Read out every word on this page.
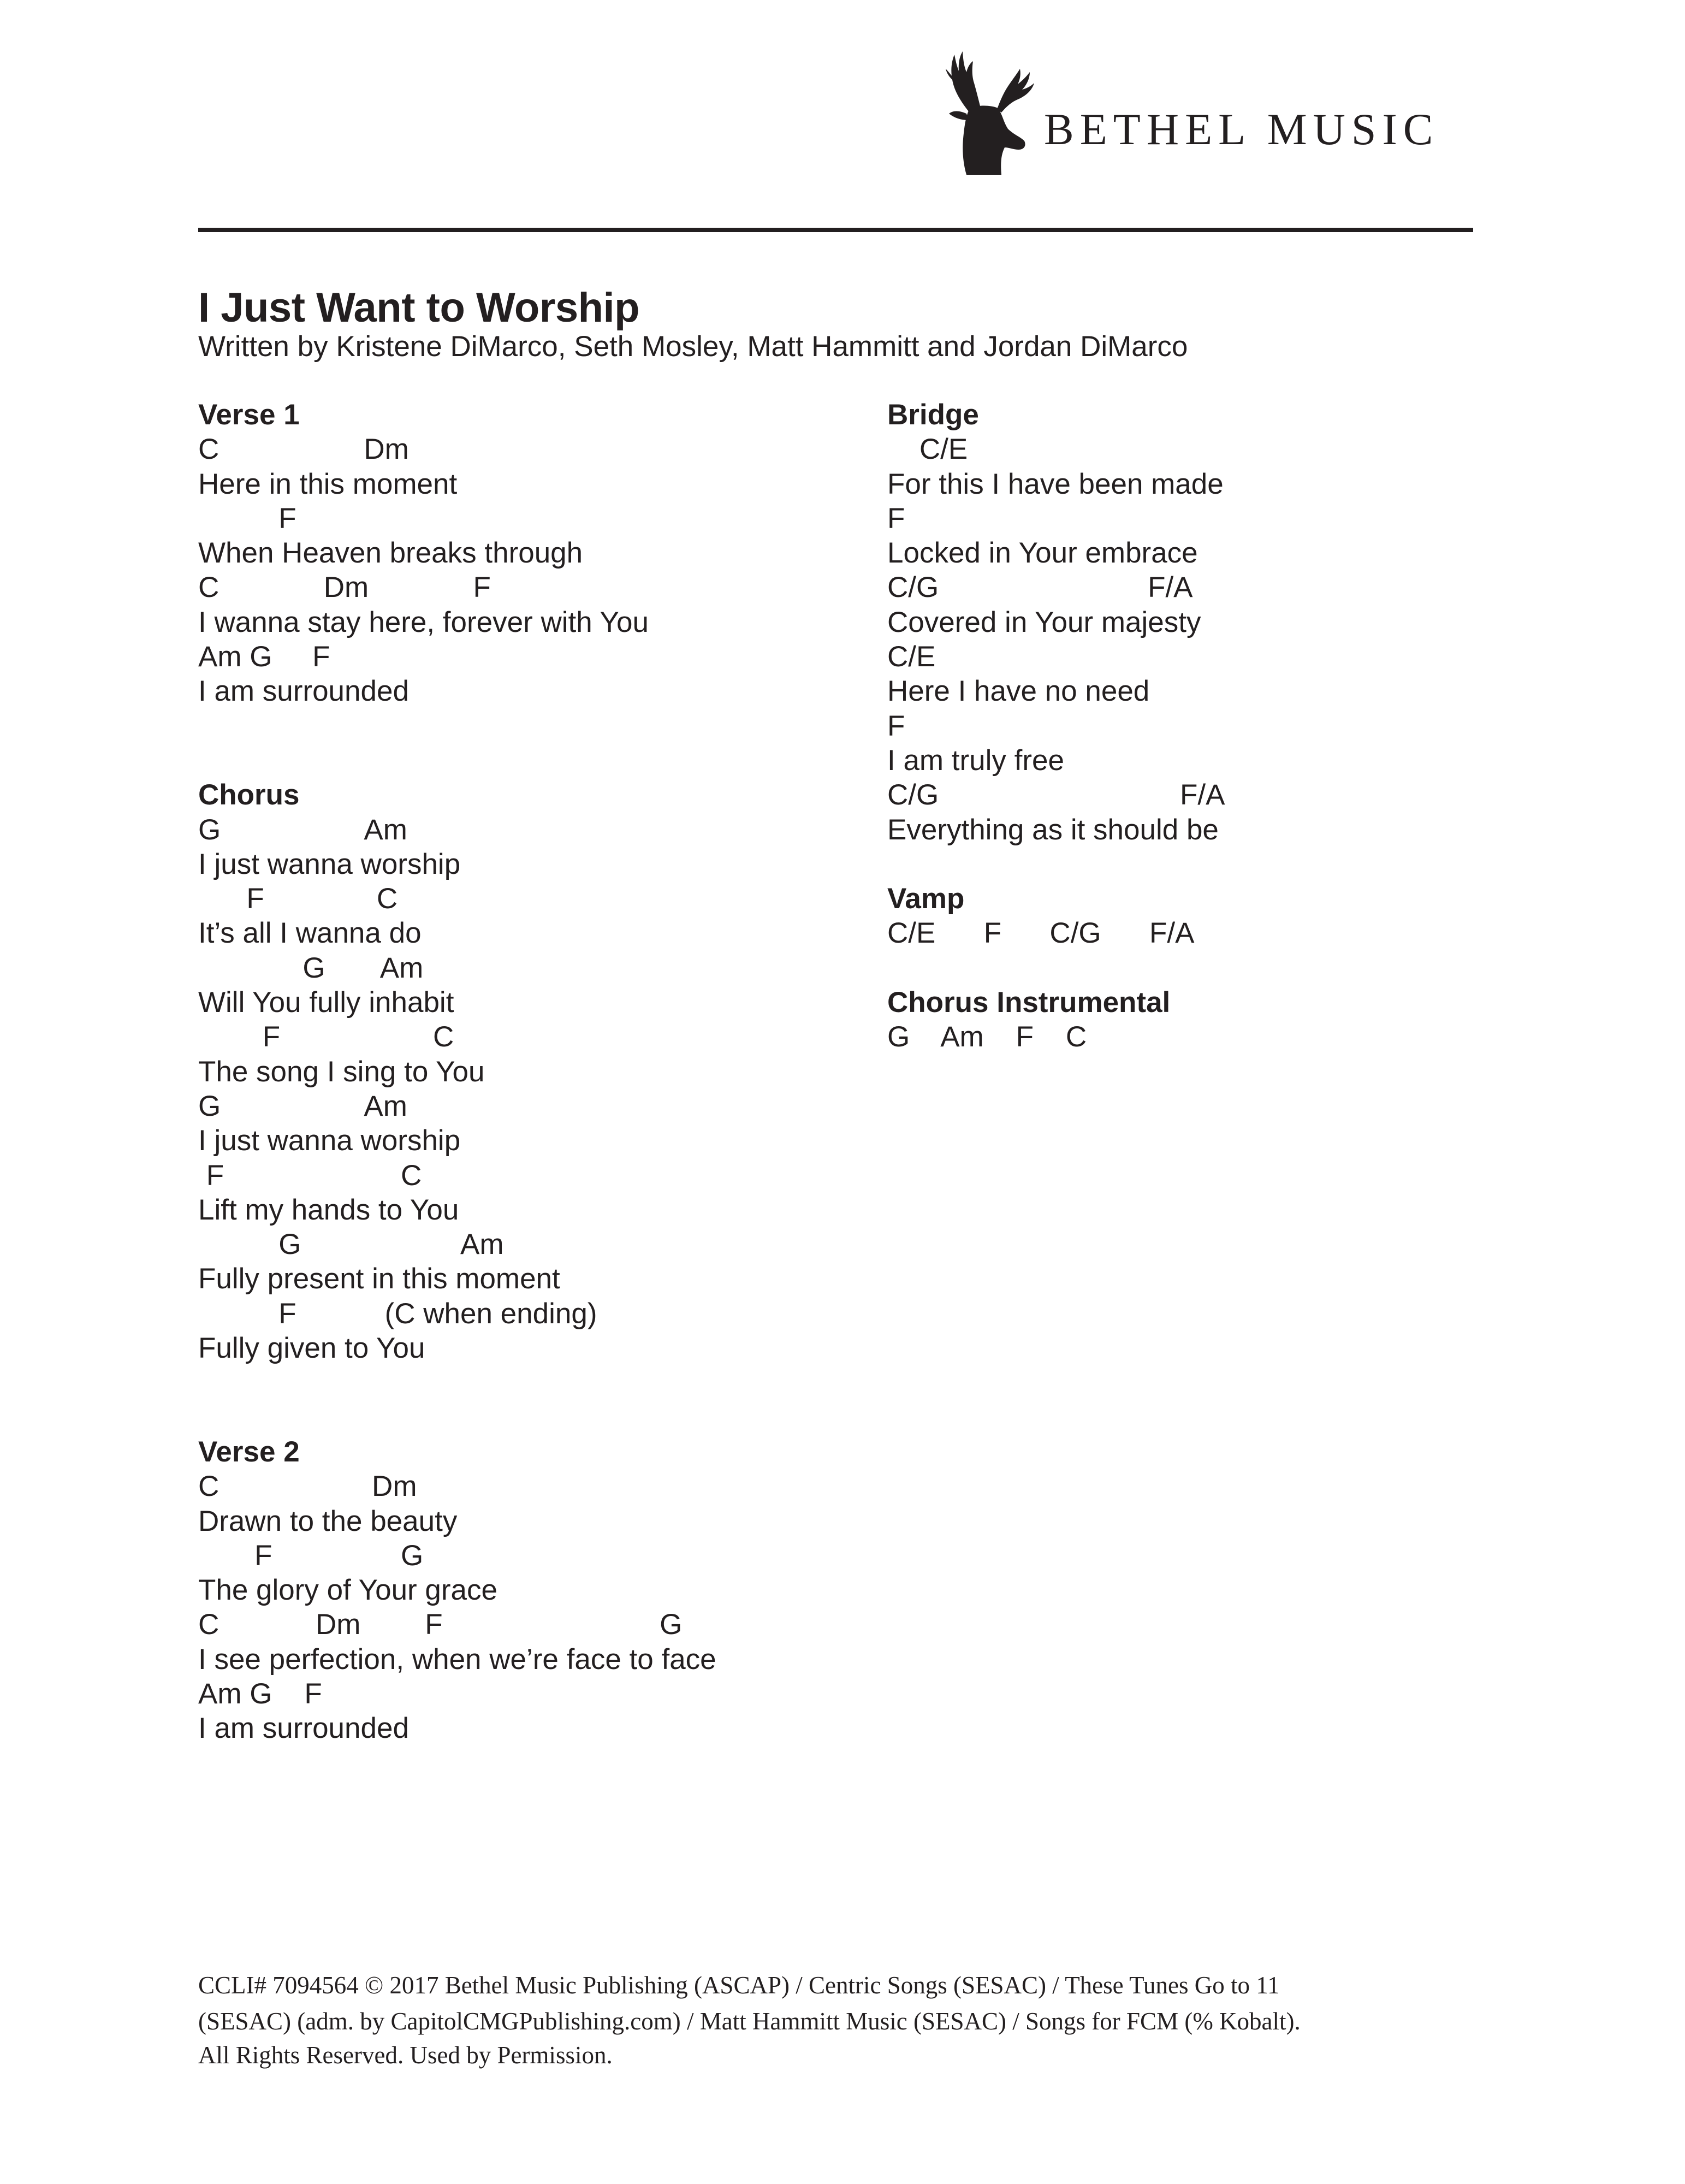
BETHEL MUSIC
I Just Want to Worship
Written by Kristene DiMarco, Seth Mosley, Matt Hammitt and Jordan DiMarco
Verse 1
C                  Dm
Here in this moment
F
When Heaven breaks through
C             Dm             F
I wanna stay here, forever with You
Am G     F
I am surrounded
Chorus
G                  Am
I just wanna worship
F              C
It’s all I wanna do
G       Am
Will You fully inhabit
F                   C
The song I sing to You
G                  Am
I just wanna worship
F                      C
Lift my hands to You
G                    Am
Fully present in this moment
F           (C when ending)
Fully given to You
Verse 2
C                   Dm
Drawn to the beauty
F                G
The glory of Your grace
C            Dm        F                           G
I see perfection, when we’re face to face
Am G    F
I am surrounded
Bridge
C/E
For this I have been made
F
Locked in Your embrace
C/G                          F/A
Covered in Your majesty
C/E
Here I have no need
F
I am truly free
C/G                              F/A
Everything as it should be
Vamp
C/E      F      C/G      F/A
Chorus Instrumental
G    Am    F    C
CCLI# 7094564 © 2017 Bethel Music Publishing (ASCAP) / Centric Songs (SESAC) / These Tunes Go to 11
(SESAC) (adm. by CapitolCMGPublishing.com) / Matt Hammitt Music (SESAC) / Songs for FCM (% Kobalt).
All Rights Reserved. Used by Permission.
